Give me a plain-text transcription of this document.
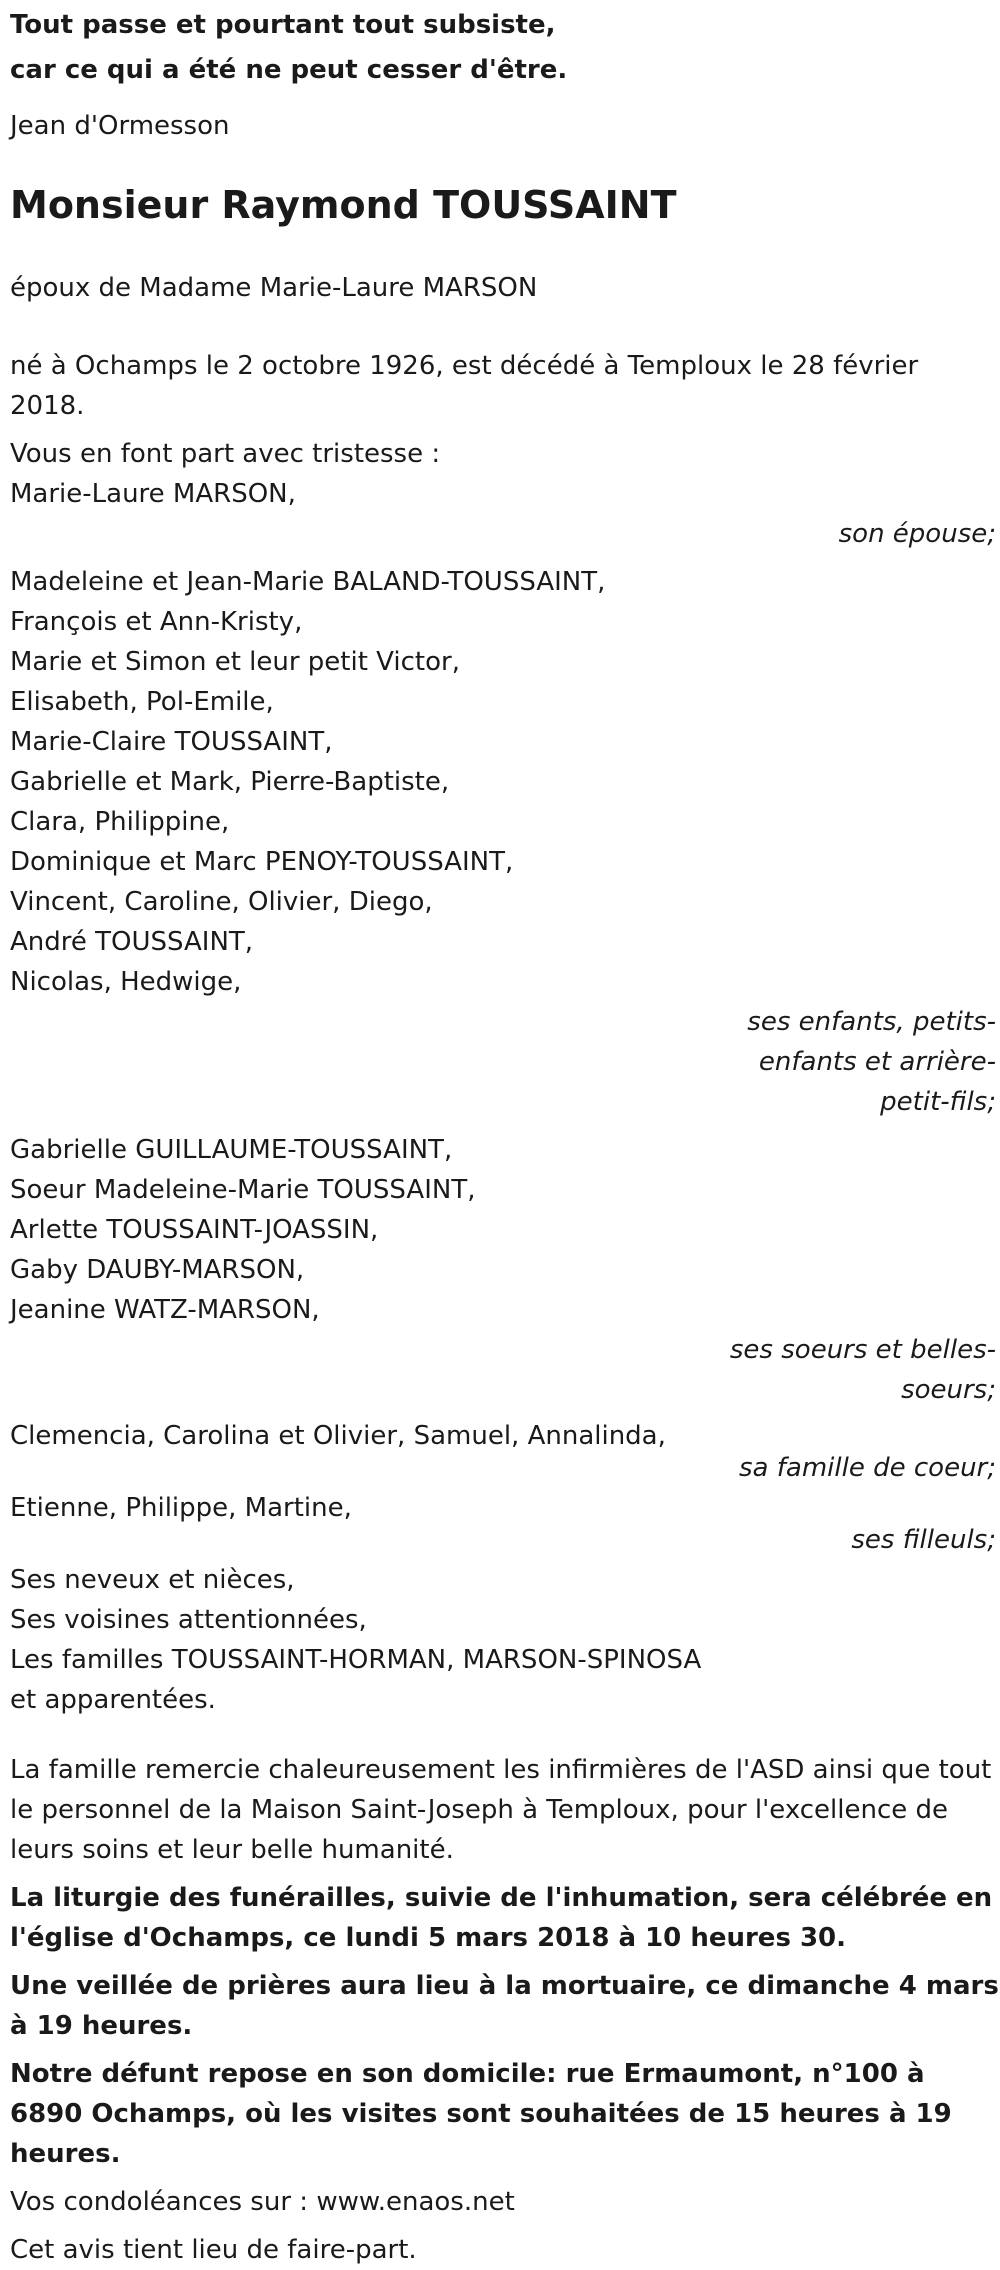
Tout passe et pourtant tout subsiste,

car ce qui a été ne peut cesser d'être.

Jean d'Ormesson

Monsieur Raymond TOUSSAINT

époux de Madame Marie-Laure MARSON

né à Ochamps le 2 octobre 1926, est décédé à Temploux le 28 février 2018.

Vous en font part avec tristesse :

Marie-Laure MARSON,
son épouse;
Madeleine et Jean-Marie BALAND-TOUSSAINT,
François et Ann-Kristy,
Marie et Simon et leur petit Victor,
Elisabeth, Pol-Emile,
Marie-Claire TOUSSAINT,
Gabrielle et Mark, Pierre-Baptiste,
Clara, Philippine,
Dominique et Marc PENOY-TOUSSAINT,
Vincent, Caroline, Olivier, Diego,
André TOUSSAINT,
Nicolas, Hedwige,
ses enfants, petits-
enfants et arrière-
petit-fils;
Gabrielle GUILLAUME-TOUSSAINT,
Soeur Madeleine-Marie TOUSSAINT,
Arlette TOUSSAINT-JOASSIN,
Gaby DAUBY-MARSON,
Jeanine WATZ-MARSON,
ses soeurs et belles-
soeurs;
Clemencia, Carolina et Olivier, Samuel, Annalinda,
sa famille de coeur;
Etienne, Philippe, Martine,
ses filleuls;
Ses neveux et nièces,
Ses voisines attentionnées,
Les familles TOUSSAINT-HORMAN, MARSON-SPINOSA
et apparentées.

La famille remercie chaleureusement les infirmières de l'ASD ainsi que tout le personnel de la Maison Saint-Joseph à Temploux, pour l'excellence de leurs soins et leur belle humanité.

La liturgie des funérailles, suivie de l'inhumation, sera célébrée en l'église d'Ochamps, ce lundi 5 mars 2018 à 10 heures 30.

Une veillée de prières aura lieu à la mortuaire, ce dimanche 4 mars à 19 heures.

Notre défunt repose en son domicile: rue Ermaumont, n°100 à 6890 Ochamps, où les visites sont souhaitées de 15 heures à 19 heures.

Vos condoléances sur : www.enaos.net

Cet avis tient lieu de faire-part.
